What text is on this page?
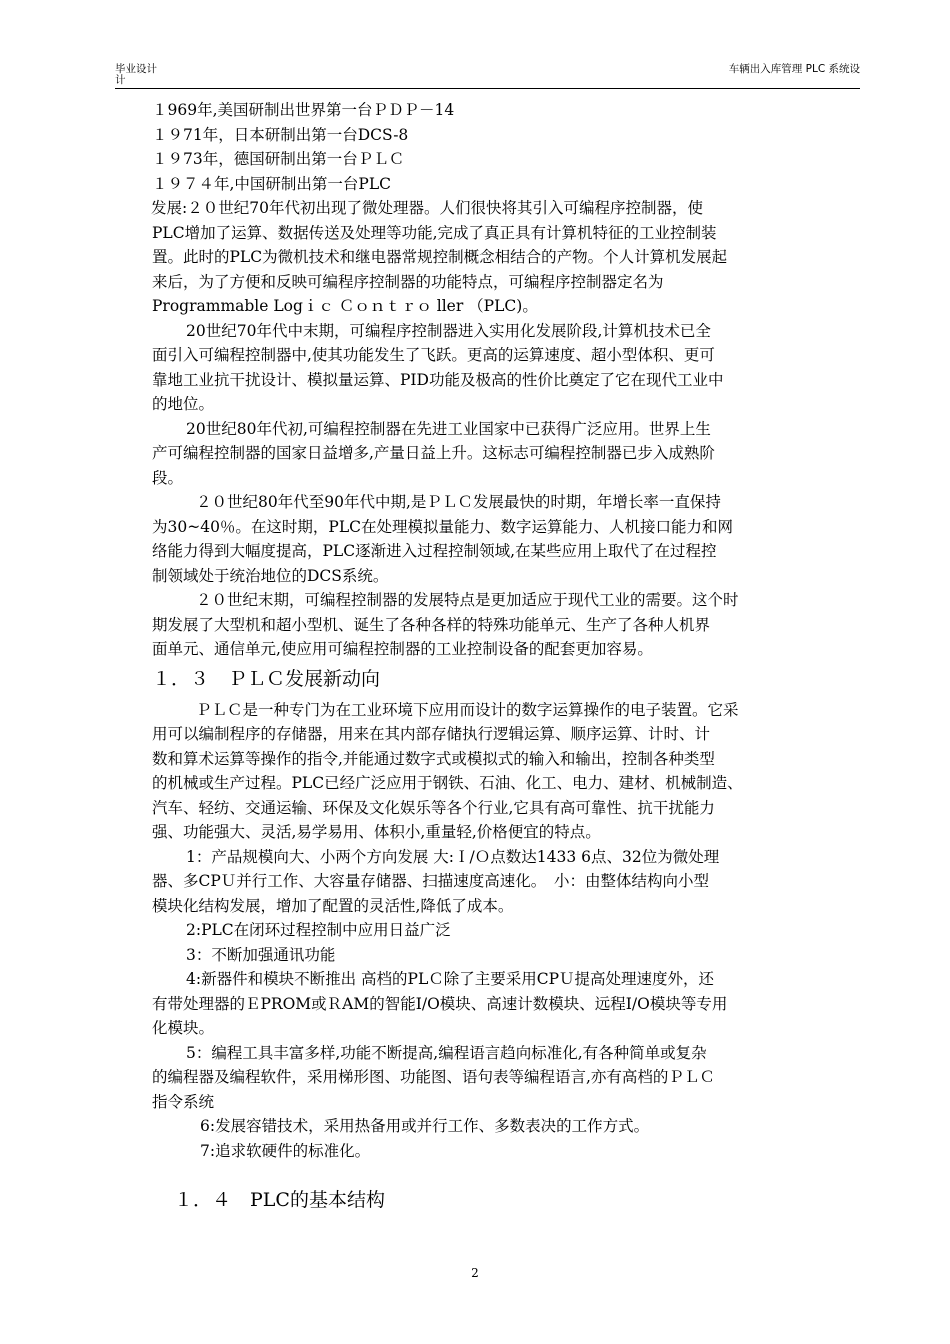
毕业设计
计
车辆出入库管理 PLC 系统设
１969年,美国研制出世界第一台ＰＤＰ－14
１９71年，日本研制出第一台DCS-8
１９73年，德国研制出第一台ＰＬＣ
１９７４年,中国研制出第一台PLC
发展:２０世纪70年代初出现了微处理器。人们很快将其引入可编程序控制器，使
PLC增加了运算、数据传送及处理等功能,完成了真正具有计算机特征的工业控制装
置。此时的PLC为微机技术和继电器常规控制概念相结合的产物。个人计算机发展起
来后，为了方便和反映可编程序控制器的功能特点，可编程序控制器定名为
Programmable Logｉｃ Ｃｏｎｔｒｏ ller （PLC)。
20世纪70年代中末期，可编程序控制器进入实用化发展阶段,计算机技术已全
面引入可编程控制器中,使其功能发生了飞跃。更高的运算速度、超小型体积、更可
靠地工业抗干扰设计、模拟量运算、PID功能及极高的性价比奠定了它在现代工业中
的地位。
20世纪80年代初,可编程控制器在先进工业国家中已获得广泛应用。世界上生
产可编程控制器的国家日益增多,产量日益上升。这标志可编程控制器已步入成熟阶
段。
２０世纪80年代至90年代中期,是ＰＬＣ发展最快的时期，年增长率一直保持
为30~40％。在这时期，PLC在处理模拟量能力、数字运算能力、人机接口能力和网
络能力得到大幅度提高，PLC逐渐进入过程控制领域,在某些应用上取代了在过程控
制领域处于统治地位的DCS系统。
２０世纪末期，可编程控制器的发展特点是更加适应于现代工业的需要。这个时
期发展了大型机和超小型机、诞生了各种各样的特殊功能单元、生产了各种人机界
面单元、通信单元,使应用可编程控制器的工业控制设备的配套更加容易。
１．３　ＰＬＣ发展新动向
ＰＬＣ是一种专门为在工业环境下应用而设计的数字运算操作的电子装置。它采
用可以编制程序的存储器，用来在其内部存储执行逻辑运算、顺序运算、计时、计
数和算术运算等操作的指令,并能通过数字式或模拟式的输入和输出，控制各种类型
的机械或生产过程。PLC已经广泛应用于钢铁、石油、化工、电力、建材、机械制造、
汽车、轻纺、交通运输、环保及文化娱乐等各个行业,它具有高可靠性、抗干扰能力
强、功能强大、灵活,易学易用、体积小,重量轻,价格便宜的特点。
1：产品规模向大、小两个方向发展 大:Ｉ/Ｏ点数达1433 6点、32位为微处理
器、多CPＵ并行工作、大容量存储器、扫描速度高速化。　小：由整体结构向小型
模块化结构发展，增加了配置的灵活性,降低了成本。
2:PLC在闭环过程控制中应用日益广泛
3：不断加强通讯功能
4:新器件和模块不断推出 高档的PLＣ除了主要采用CPＵ提高处理速度外，还
有带处理器的ＥPROM或ＲAM的智能I/O模块、高速计数模块、远程I/O模块等专用
化模块。
5：编程工具丰富多样,功能不断提高,编程语言趋向标准化,有各种简单或复杂
的编程器及编程软件，采用梯形图、功能图、语句表等编程语言,亦有高档的ＰＬＣ
指令系统
6:发展容错技术，采用热备用或并行工作、多数表决的工作方式。
7:追求软硬件的标准化。
１．４　PLC的基本结构
2
